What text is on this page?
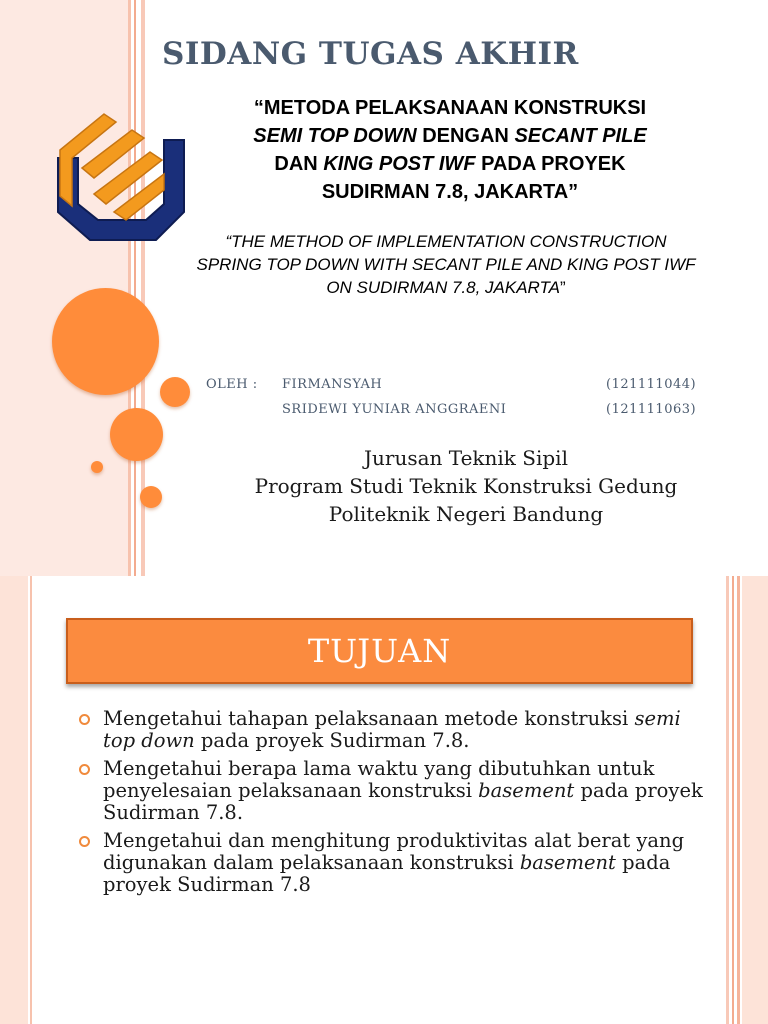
SIDANG TUGAS AKHIR
“METODA PELAKSANAAN KONSTRUKSI
SEMI TOP DOWN DENGAN SECANT PILE
DAN KING POST IWF PADA PROYEK
SUDIRMAN 7.8, JAKARTA”
“THE METHOD OF IMPLEMENTATION CONSTRUCTION SPRING TOP DOWN WITH SECANT PILE AND KING POST IWF ON SUDIRMAN 7.8, JAKARTA”
OLEH : FIRMANSYAH	(121111044)
SRIDEWI YUNIAR ANGGRAENI	(121111063)
Jurusan Teknik Sipil
Program Studi Teknik Konstruksi Gedung
Politeknik Negeri Bandung
TUJUAN
Mengetahui tahapan pelaksanaan metode konstruksi semi top down pada proyek Sudirman 7.8.
Mengetahui berapa lama waktu yang dibutuhkan untuk penyelesaian pelaksanaan konstruksi basement pada proyek Sudirman 7.8.
Mengetahui dan menghitung produktivitas alat berat yang digunakan dalam pelaksanaan konstruksi basement pada proyek Sudirman 7.8
